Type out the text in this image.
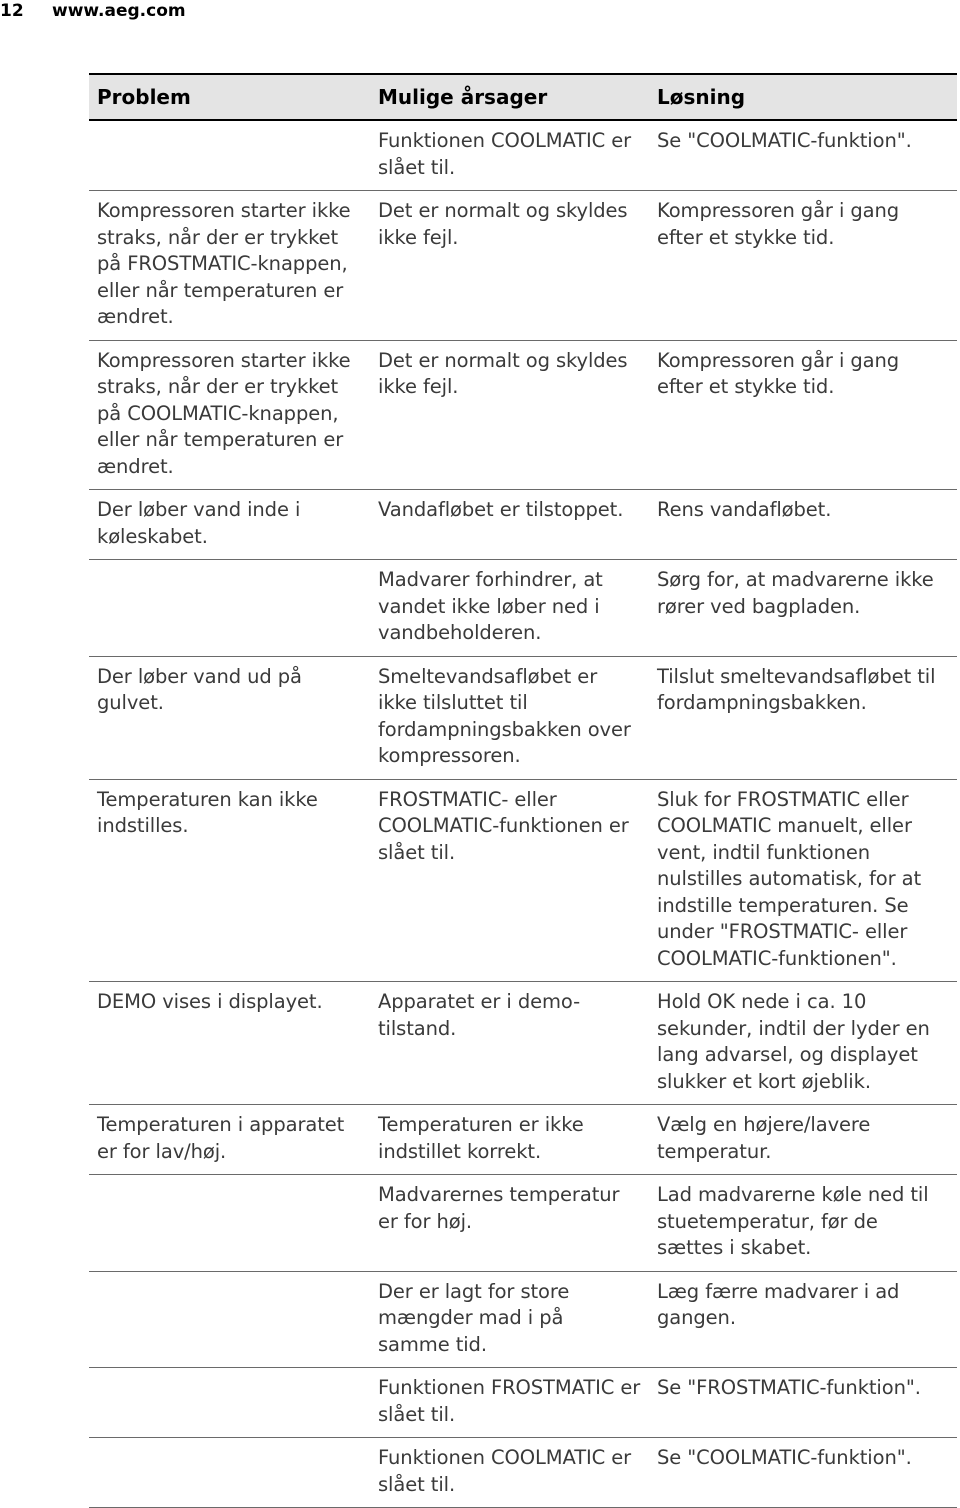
12	www.aeg.com
Problem	Mulige årsager	Løsning
	Funktionen COOLMATIC er slået til.	Se "COOLMATIC-funktion".
Kompressoren starter ikke straks, når der er trykket på FROSTMATIC-knappen, eller når temperaturen er ændret.	Det er normalt og skyldes ikke fejl.	Kompressoren går i gang efter et stykke tid.
Kompressoren starter ikke straks, når der er trykket på COOLMATIC-knappen, eller når temperaturen er ændret.	Det er normalt og skyldes ikke fejl.	Kompressoren går i gang efter et stykke tid.
Der løber vand inde i køleskabet.	Vandafløbet er tilstoppet.	Rens vandafløbet.
	Madvarer forhindrer, at vandet ikke løber ned i vandbeholderen.	Sørg for, at madvarerne ikke rører ved bagpladen.
Der løber vand ud på gulvet.	Smeltevandsafløbet er ikke tilsluttet til fordampningsbakken over kompressoren.	Tilslut smeltevandsafløbet til fordampningsbakken.
Temperaturen kan ikke indstilles.	FROSTMATIC- eller COOLMATIC-funktionen er slået til.	Sluk for FROSTMATIC eller COOLMATIC manuelt, eller vent, indtil funktionen nulstilles automatisk, for at indstille temperaturen. Se under "FROSTMATIC- eller COOLMATIC-funktionen".
DEMO vises i displayet.	Apparatet er i demo-tilstand.	Hold OK nede i ca. 10 sekunder, indtil der lyder en lang advarsel, og displayet slukker et kort øjeblik.
Temperaturen i apparatet er for lav/høj.	Temperaturen er ikke indstillet korrekt.	Vælg en højere/lavere temperatur.
	Madvarernes temperatur er for høj.	Lad madvarerne køle ned til stuetemperatur, før de sættes i skabet.
	Der er lagt for store mængder mad i på samme tid.	Læg færre madvarer i ad gangen.
	Funktionen FROSTMATIC er slået til.	Se "FROSTMATIC-funktion".
	Funktionen COOLMATIC er slået til.	Se "COOLMATIC-funktion".
